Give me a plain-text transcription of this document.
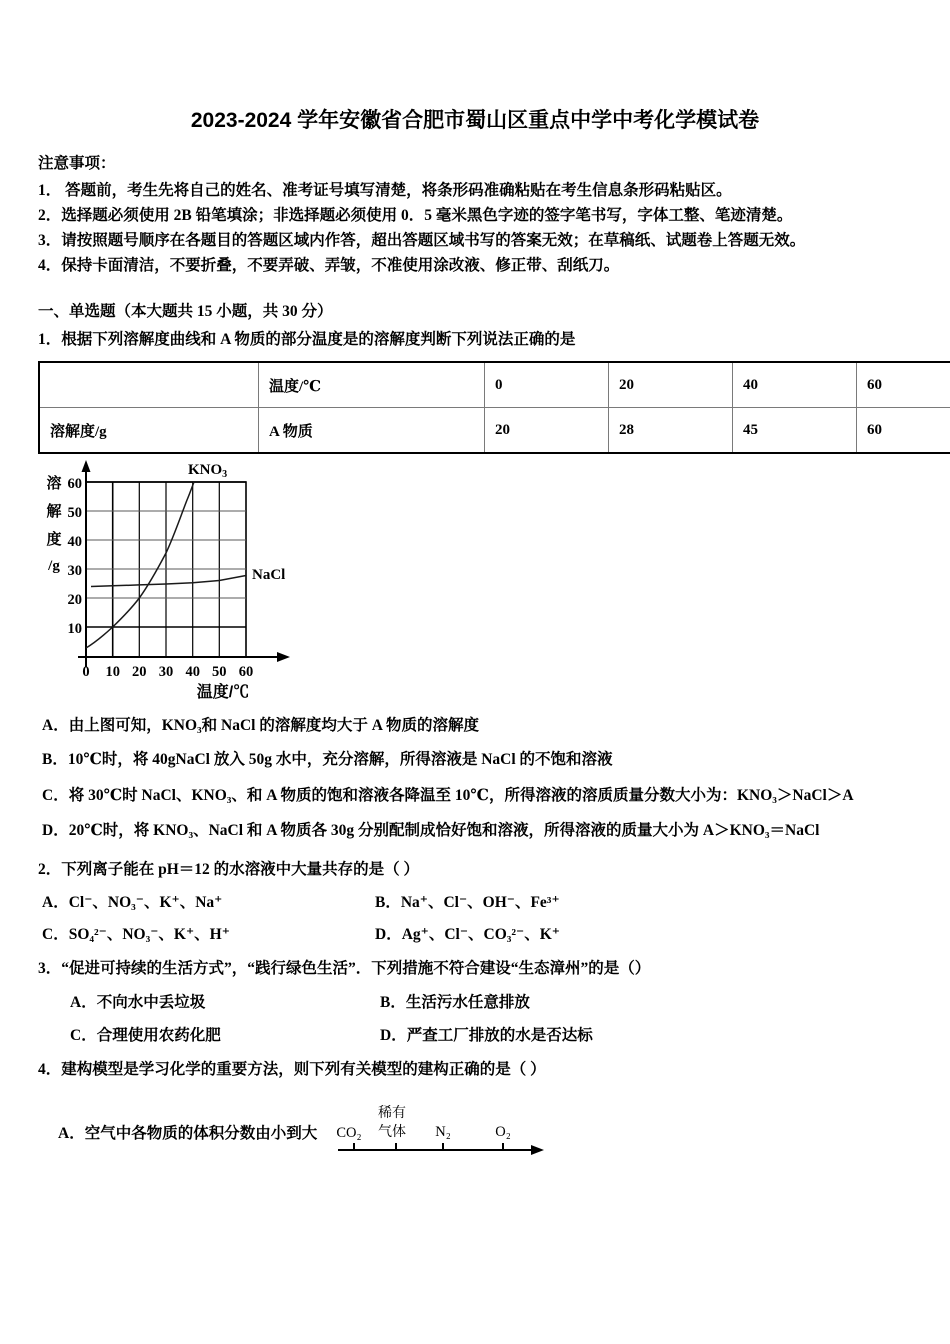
2023-2024 学年安徽省合肥市蜀山区重点中学中考化学模试卷
注意事项：
1． 答题前，考生先将自己的姓名、准考证号填写清楚，将条形码准确粘贴在考生信息条形码粘贴区。
2．选择题必须使用 2B 铅笔填涂；非选择题必须使用 0．5 毫米黑色字迹的签字笔书写，字体工整、笔迹清楚。
3．请按照题号顺序在各题目的答题区域内作答，超出答题区域书写的答案无效；在草稿纸、试题卷上答题无效。
4．保持卡面清洁，不要折叠，不要弄破、弄皱，不准使用涂改液、修正带、刮纸刀。
一、单选题（本大题共 15 小题，共 30 分）
1．根据下列溶解度曲线和 A 物质的部分温度是的溶解度判断下列说法正确的是
	温度/℃	0	20	40	60
溶解度/g	A 物质	20	28	45	60
$KNO_3$
NaCl
60
50
40
30
20
10
0 10 20 30 40 50 60
溶
解
度
/g
温度/℃
A．由上图可知，KNO₃和 NaCl 的溶解度均大于 A 物质的溶解度
B．10℃时，将 40gNaCl 放入 50g 水中，充分溶解，所得溶液是 NaCl 的不饱和溶液
C．将 30℃时 NaCl、KNO₃、和 A 物质的饱和溶液各降温至 10℃，所得溶液的溶质质量分数大小为：KNO₃＞NaCl＞A
D．20℃时，将 KNO₃、NaCl 和 A 物质各 30g 分别配制成恰好饱和溶液，所得溶液的质量大小为 A＞KNO₃＝NaCl
2．下列离子能在 pH＝12 的水溶液中大量共存的是（ ）
A．Cl⁻、NO₃⁻、K⁺、Na⁺	B．Na⁺、Cl⁻、OH⁻、Fe³⁺
C．SO₄²⁻、NO₃⁻、K⁺、H⁺	D．Ag⁺、Cl⁻、CO₃²⁻、K⁺
3．“促进可持续的生活方式”，“践行绿色生活”．下列措施不符合建设“生态漳州”的是（）
A．不向水中丢垃圾	B．生活污水任意排放
C．合理使用农药化肥	D．严查工厂排放的水是否达标
4．建构模型是学习化学的重要方法，则下列有关模型的建构正确的是（ ）
A．空气中各物质的体积分数由小到大 CO₂
稀有
气体 N₂	O₂
